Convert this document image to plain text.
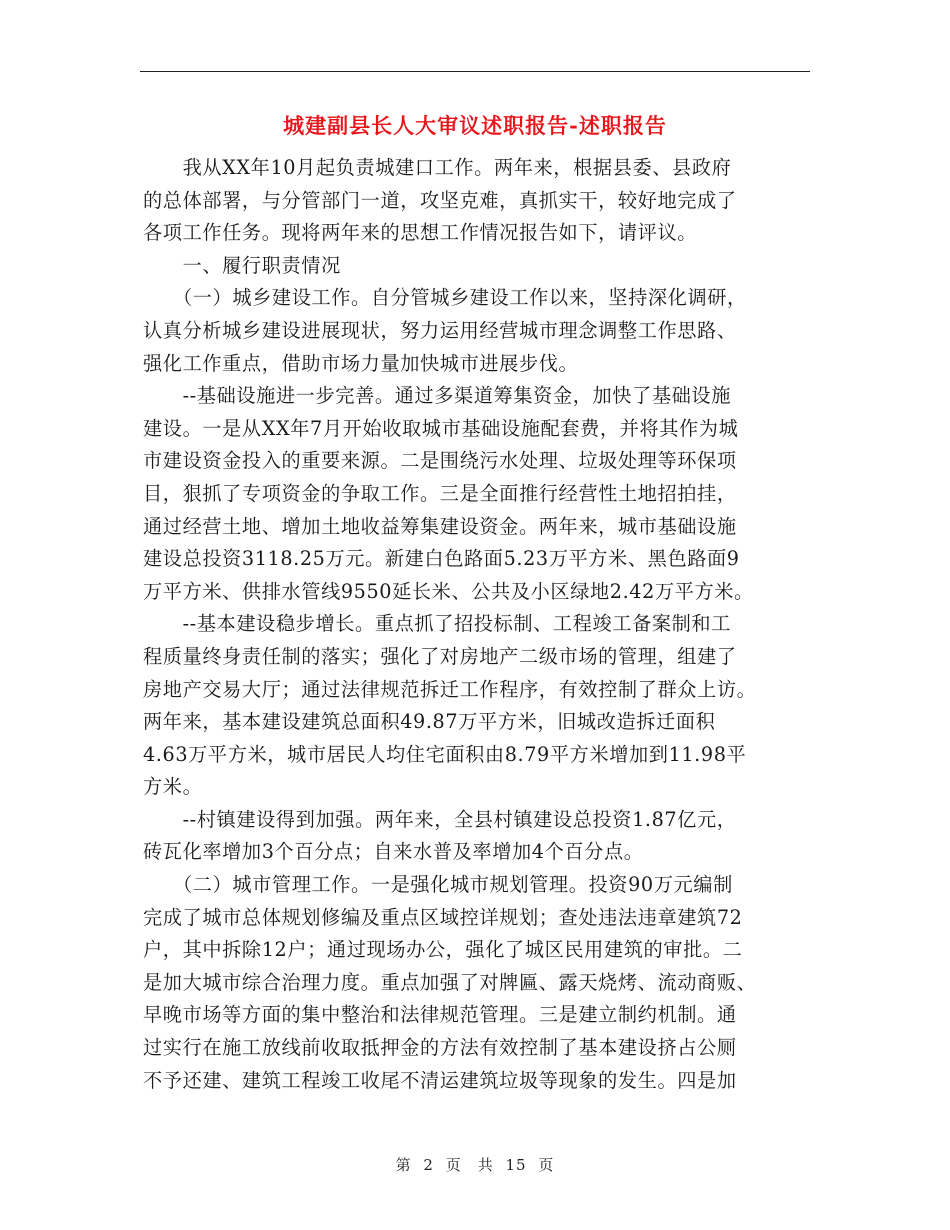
城建副县长人大审议述职报告-述职报告
　　我从XX年10月起负责城建口工作。两年来，根据县委、县政府
的总体部署，与分管部门一道，攻坚克难，真抓实干，较好地完成了
各项工作任务。现将两年来的思想工作情况报告如下，请评议。
　　一、履行职责情况
　　（一）城乡建设工作。自分管城乡建设工作以来，坚持深化调研，
认真分析城乡建设进展现状，努力运用经营城市理念调整工作思路、
强化工作重点，借助市场力量加快城市进展步伐。
　　--基础设施进一步完善。通过多渠道筹集资金，加快了基础设施
建设。一是从XX年7月开始收取城市基础设施配套费，并将其作为城
市建设资金投入的重要来源。二是围绕污水处理、垃圾处理等环保项
目，狠抓了专项资金的争取工作。三是全面推行经营性土地招拍挂，
通过经营土地、增加土地收益筹集建设资金。两年来，城市基础设施
建设总投资3118.25万元。新建白色路面5.23万平方米、黑色路面9
万平方米、供排水管线9550延长米、公共及小区绿地2.42万平方米。
　　--基本建设稳步增长。重点抓了招投标制、工程竣工备案制和工
程质量终身责任制的落实；强化了对房地产二级市场的管理，组建了
房地产交易大厅；通过法律规范拆迁工作程序，有效控制了群众上访。
两年来，基本建设建筑总面积49.87万平方米，旧城改造拆迁面积
4.63万平方米，城市居民人均住宅面积由8.79平方米增加到11.98平
方米。
　　--村镇建设得到加强。两年来，全县村镇建设总投资1.87亿元，
砖瓦化率增加3个百分点；自来水普及率增加4个百分点。
　　（二）城市管理工作。一是强化城市规划管理。投资90万元编制
完成了城市总体规划修编及重点区域控详规划；查处违法违章建筑72
户，其中拆除12户；通过现场办公，强化了城区民用建筑的审批。二
是加大城市综合治理力度。重点加强了对牌匾、露天烧烤、流动商贩、
早晚市场等方面的集中整治和法律规范管理。三是建立制约机制。通
过实行在施工放线前收取抵押金的方法有效控制了基本建设挤占公厕
不予还建、建筑工程竣工收尾不清运建筑垃圾等现象的发生。四是加
第 2 页　共 15 页
